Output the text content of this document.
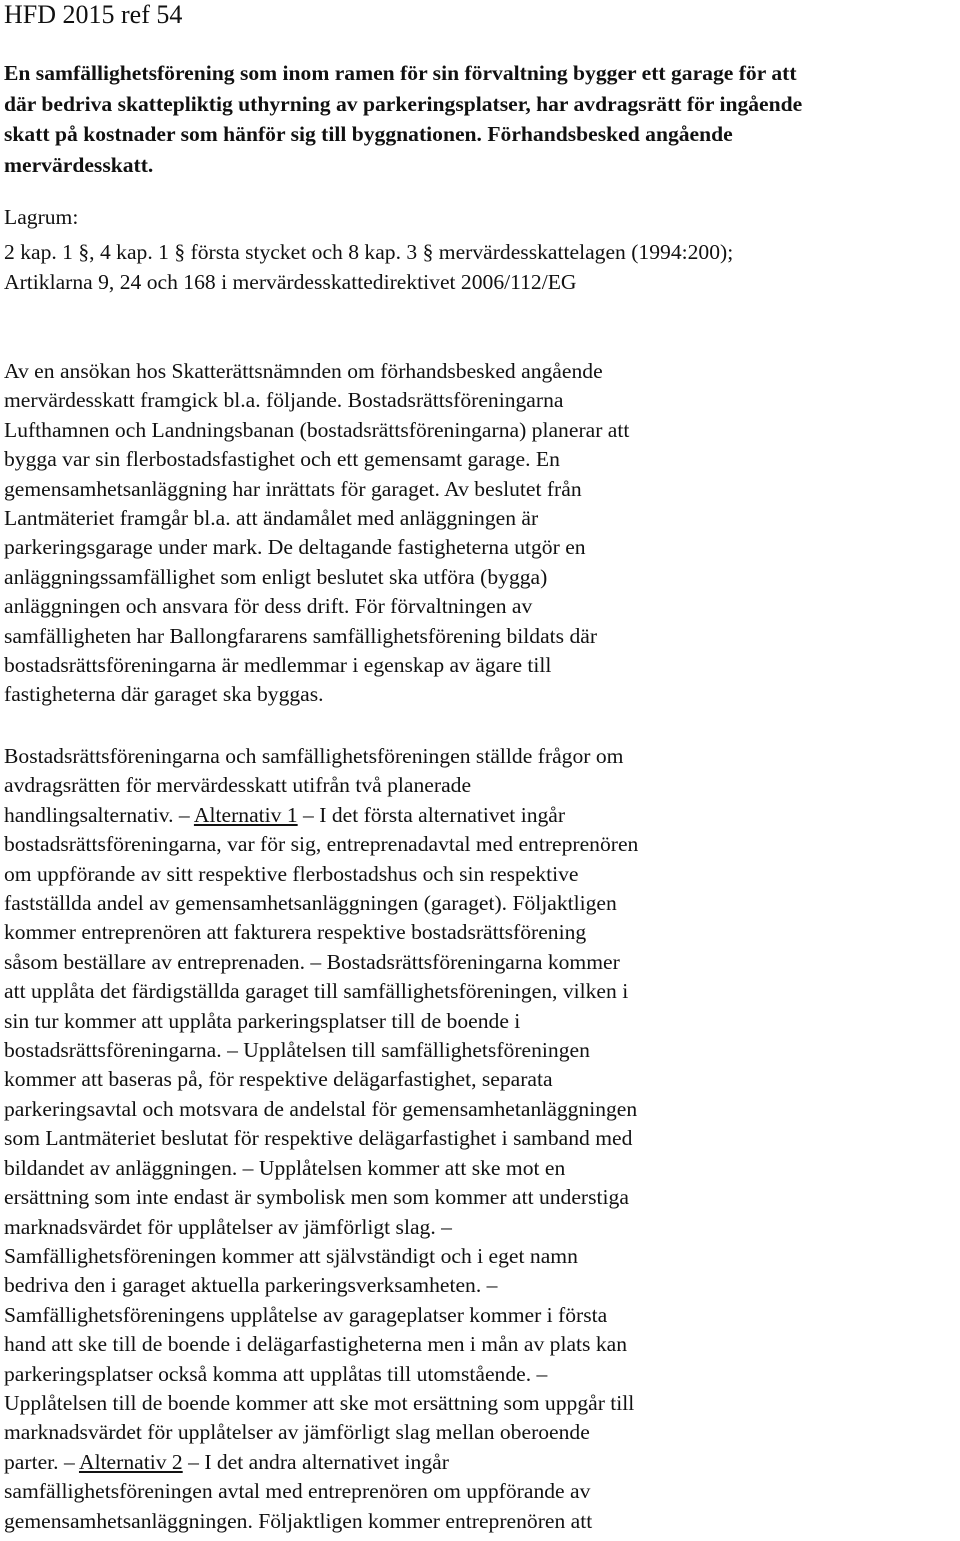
HFD 2015 ref 54
En samfällighetsförening som inom ramen för sin förvaltning bygger ett garage för att
där bedriva skattepliktig uthyrning av parkeringsplatser, har avdragsrätt för ingående
skatt på kostnader som hänför sig till byggnationen. Förhandsbesked angående
mervärdesskatt.
Lagrum:
2 kap. 1 §, 4 kap. 1 § första stycket och 8 kap. 3 § mervärdesskattelagen (1994:200);
Artiklarna 9, 24 och 168 i mervärdesskattedirektivet 2006/112/EG
Av en ansökan hos Skatterättsnämnden om förhandsbesked angående
mervärdesskatt framgick bl.a. följande. Bostadsrättsföreningarna
Lufthamnen och Landningsbanan (bostadsrättsföreningarna) planerar att
bygga var sin flerbostadsfastighet och ett gemensamt garage. En
gemensamhetsanläggning har inrättats för garaget. Av beslutet från
Lantmäteriet framgår bl.a. att ändamålet med anläggningen är
parkeringsgarage under mark. De deltagande fastigheterna utgör en
anläggningssamfällighet som enligt beslutet ska utföra (bygga)
anläggningen och ansvara för dess drift. För förvaltningen av
samfälligheten har Ballongfararens samfällighetsförening bildats där
bostadsrättsföreningarna är medlemmar i egenskap av ägare till
fastigheterna där garaget ska byggas.
Bostadsrättsföreningarna och samfällighetsföreningen ställde frågor om
avdragsrätten för mervärdesskatt utifrån två planerade
handlingsalternativ. – Alternativ 1 – I det första alternativet ingår
bostadsrättsföreningarna, var för sig, entreprenadavtal med entreprenören
om uppförande av sitt respektive flerbostadshus och sin respektive
fastställda andel av gemensamhetsanläggningen (garaget). Följaktligen
kommer entreprenören att fakturera respektive bostadsrättsförening
såsom beställare av entreprenaden. – Bostadsrättsföreningarna kommer
att upplåta det färdigställda garaget till samfällighetsföreningen, vilken i
sin tur kommer att upplåta parkeringsplatser till de boende i
bostadsrättsföreningarna. – Upplåtelsen till samfällighetsföreningen
kommer att baseras på, för respektive delägarfastighet, separata
parkeringsavtal och motsvara de andelstal för gemensamhetanläggningen
som Lantmäteriet beslutat för respektive delägarfastighet i samband med
bildandet av anläggningen. – Upplåtelsen kommer att ske mot en
ersättning som inte endast är symbolisk men som kommer att understiga
marknadsvärdet för upplåtelser av jämförligt slag. –
Samfällighetsföreningen kommer att självständigt och i eget namn
bedriva den i garaget aktuella parkeringsverksamheten. –
Samfällighetsföreningens upplåtelse av garageplatser kommer i första
hand att ske till de boende i delägarfastigheterna men i mån av plats kan
parkeringsplatser också komma att upplåtas till utomstående. –
Upplåtelsen till de boende kommer att ske mot ersättning som uppgår till
marknadsvärdet för upplåtelser av jämförligt slag mellan oberoende
parter. – Alternativ 2 – I det andra alternativet ingår
samfällighetsföreningen avtal med entreprenören om uppförande av
gemensamhetsanläggningen. Följaktligen kommer entreprenören att
